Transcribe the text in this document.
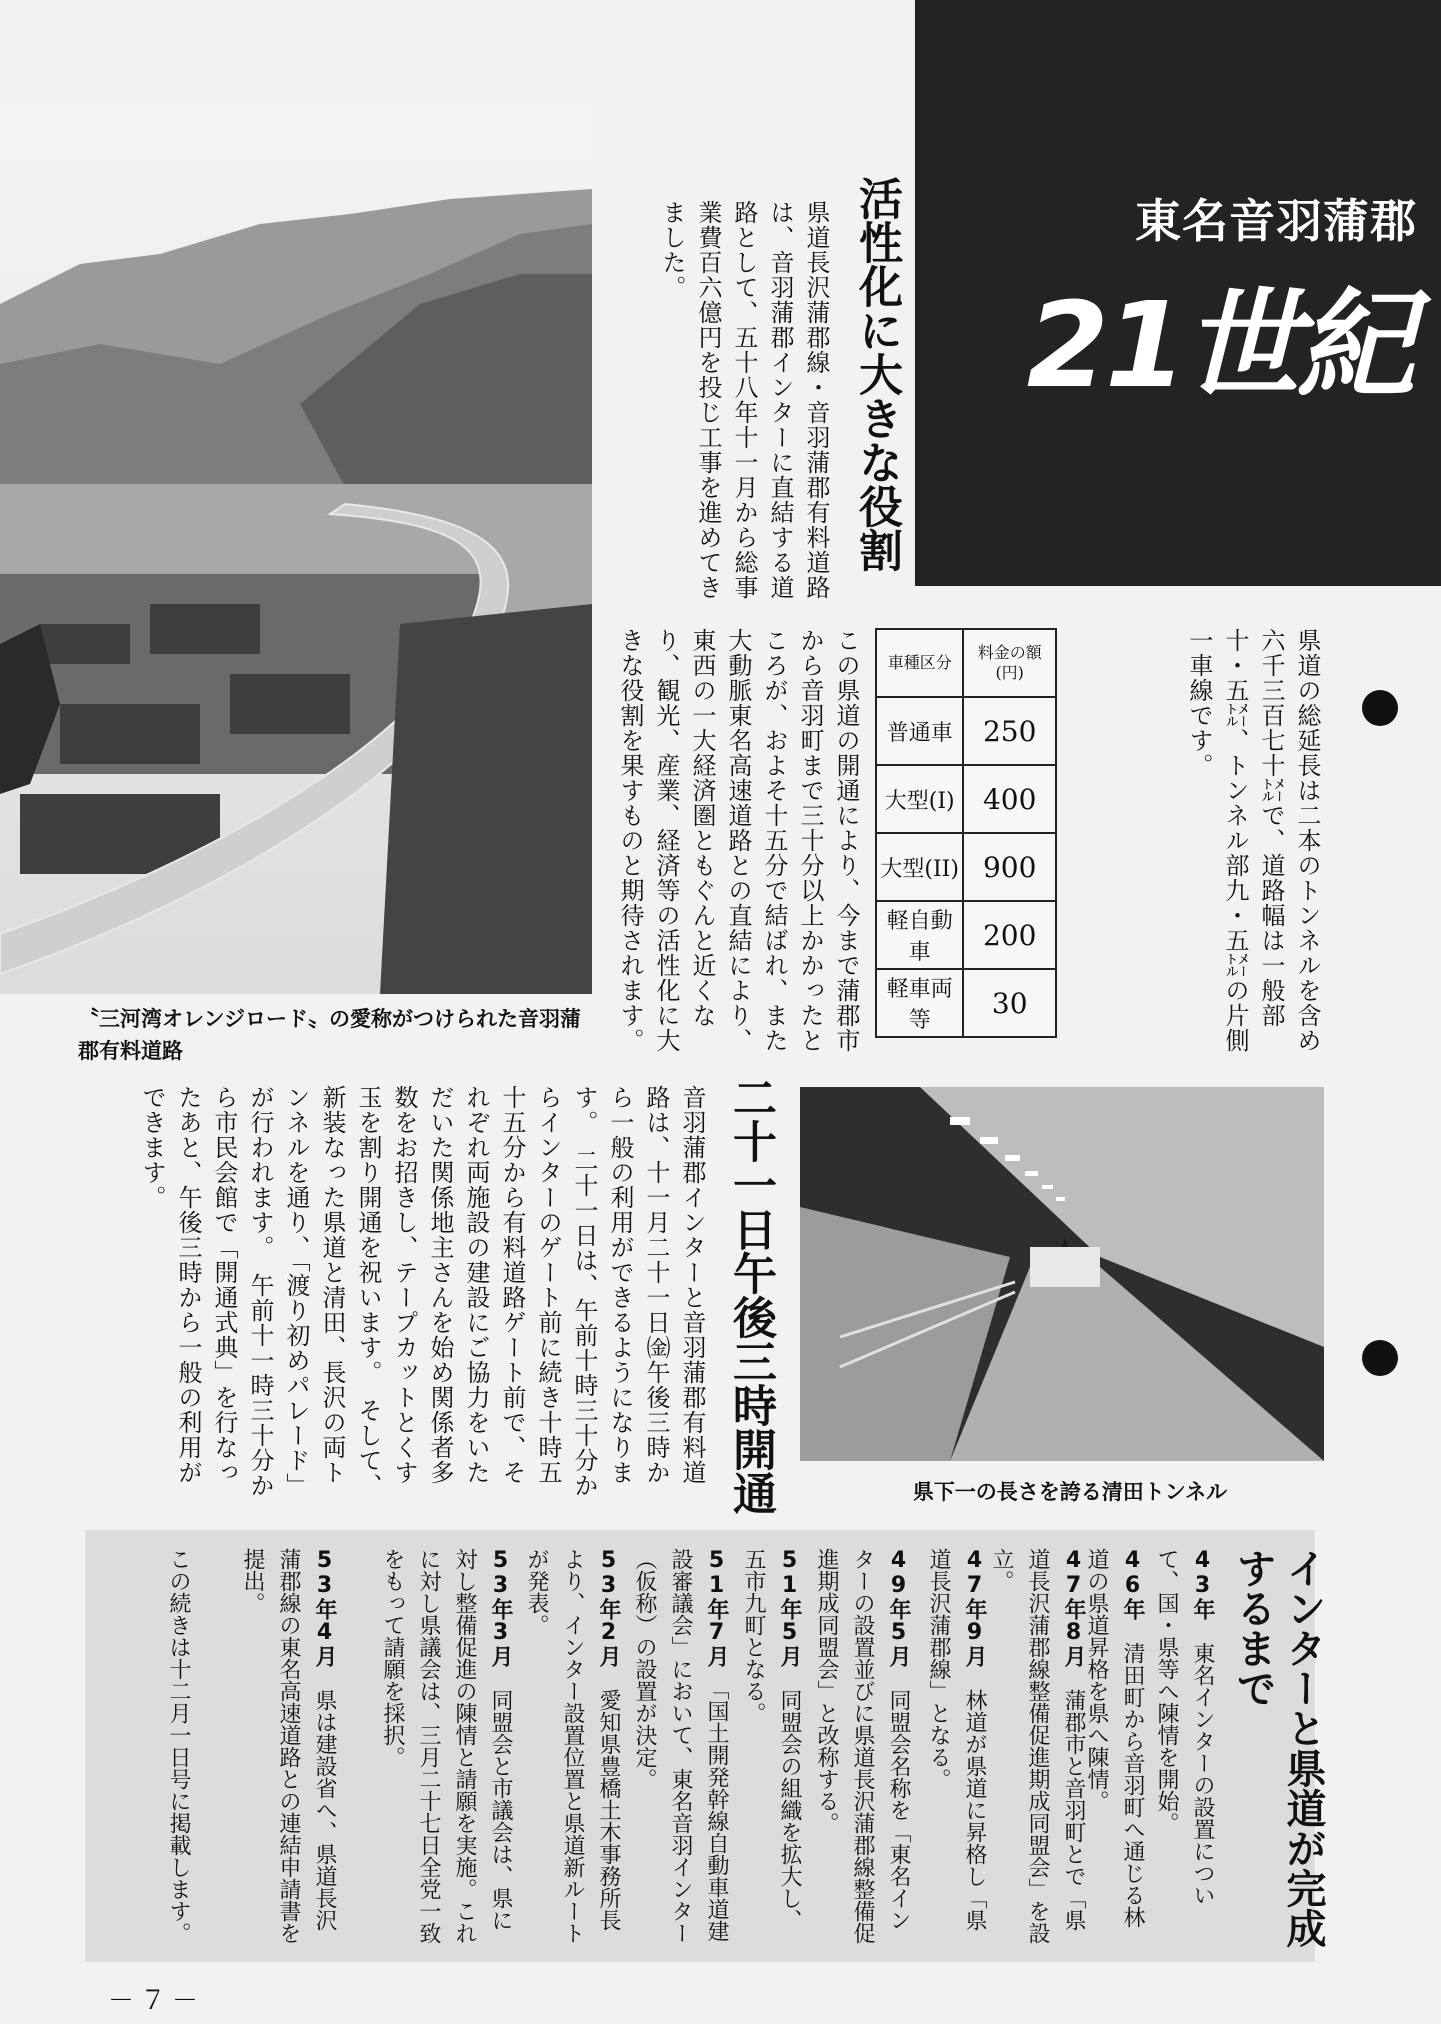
東名音羽蒲郡
21世紀
〝三河湾オレンジロード〟の愛称がつけられた音羽蒲郡有料道路
活性化に大きな役割
県道長沢蒲郡線・音羽蒲郡有料道路は、音羽蒲郡インターに直結する道路として、五十八年十一月から総事業費百六億円を投じ工事を進めてきました。
県道の総延長は二本のトンネルを含め六千三百七十㍍で、道路幅は一般部十・五㍍、トンネル部九・五㍍の片側一車線です。
この県道の開通により、今まで蒲郡市から音羽町まで三十分以上かかったところが、およそ十五分で結ばれ、また大動脈東名高速道路との直結により、東西の一大経済圏ともぐんと近くなり、観光、産業、経済等の活性化に大きな役割を果すものと期待されます。	車種区分	料金の額(円)
普通車	250
大型(I)	400
大型(II)	900
軽自動車	200
軽車両等	30
二十一日午後三時開通
音羽蒲郡インターと音羽蒲郡有料道路は、十一月二十一日㈮午後三時から一般の利用ができるようになります。　二十一日は、午前十時三十分からインターのゲート前に続き十時五十五分から有料道路ゲート前で、それぞれ両施設の建設にご協力をいただいた関係地主さんを始め関係者多数をお招きし、テープカットとくす玉を割り開通を祝います。　そして、新装なった県道と清田、長沢の両トンネルを通り、「渡り初めパレード」が行われます。　午前十一時三十分から市民会館で「開通式典」を行なったあと、午後三時から一般の利用ができます。
県下一の長さを誇る清田トンネル
インターと県道が完成するまで
43年　東名インターの設置について、国・県等へ陳情を開始。
46年　清田町から音羽町へ通じる林道の県道昇格を県へ陳情。
47年8月　蒲郡市と音羽町とで「県道長沢蒲郡線整備促進期成同盟会」を設立。
47年9月　林道が県道に昇格し「県道長沢蒲郡線」となる。
49年5月　同盟会名称を「東名インターの設置並びに県道長沢蒲郡線整備促進期成同盟会」と改称する。
51年5月　同盟会の組織を拡大し、五市九町となる。
51年7月　「国土開発幹線自動車道建設審議会」において、東名音羽インター（仮称）の設置が決定。
53年2月　愛知県豊橋土木事務所長より、インター設置位置と県道新ルートが発表。
53年3月　同盟会と市議会は、県に対し整備促進の陳情と請願を実施。これに対し県議会は、三月二十七日全党一致をもって請願を採択。
53年4月　県は建設省へ、県道長沢蒲郡線の東名高速道路との連結申請書を提出。
この続きは十二月一日号に掲載します。
－７－
